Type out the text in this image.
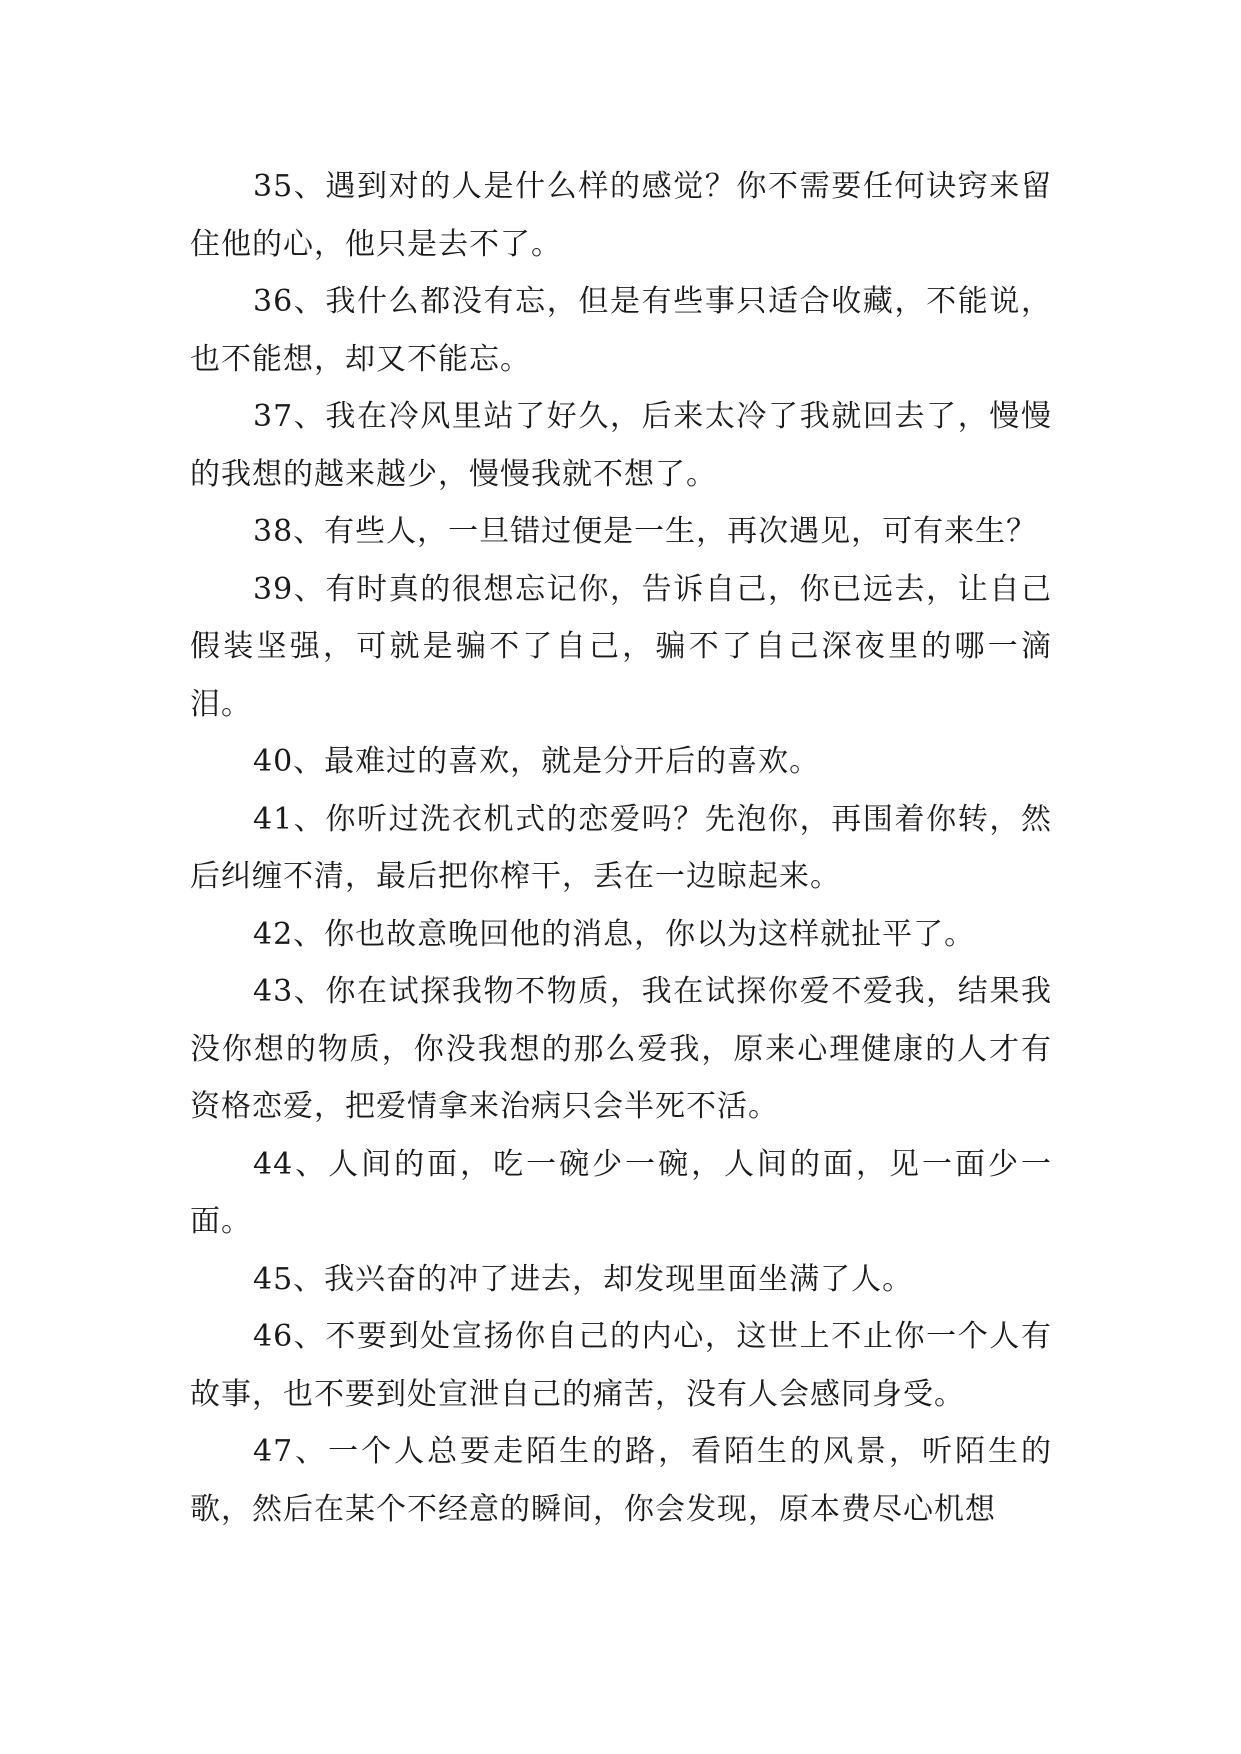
35、遇到对的人是什么样的感觉？你不需要任何诀窍来留住他的心，他只是去不了。

36、我什么都没有忘，但是有些事只适合收藏，不能说，也不能想，却又不能忘。

37、我在冷风里站了好久，后来太冷了我就回去了，慢慢的我想的越来越少，慢慢我就不想了。

38、有些人，一旦错过便是一生，再次遇见，可有来生？

39、有时真的很想忘记你，告诉自己，你已远去，让自己假装坚强，可就是骗不了自己，骗不了自己深夜里的哪一滴泪。

40、最难过的喜欢，就是分开后的喜欢。

41、你听过洗衣机式的恋爱吗？先泡你，再围着你转，然后纠缠不清，最后把你榨干，丢在一边晾起来。

42、你也故意晚回他的消息，你以为这样就扯平了。

43、你在试探我物不物质，我在试探你爱不爱我，结果我没你想的物质，你没我想的那么爱我，原来心理健康的人才有资格恋爱，把爱情拿来治病只会半死不活。

44、人间的面，吃一碗少一碗，人间的面，见一面少一面。

45、我兴奋的冲了进去，却发现里面坐满了人。

46、不要到处宣扬你自己的内心，这世上不止你一个人有故事，也不要到处宣泄自己的痛苦，没有人会感同身受。

47、一个人总要走陌生的路，看陌生的风景，听陌生的歌，然后在某个不经意的瞬间，你会发现，原本费尽心机想
